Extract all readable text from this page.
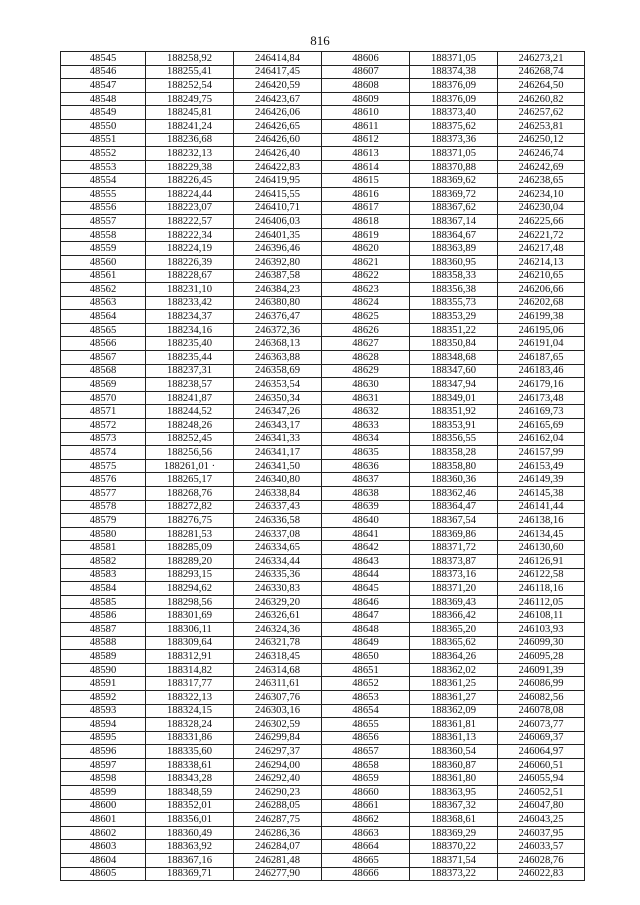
816
48545	188258,92	246414,84	48606	188371,05	246273,21
48546	188255,41	246417,45	48607	188374,38	246268,74
48547	188252,54	246420,59	48608	188376,09	246264,50
48548	188249,75	246423,67	48609	188376,09	246260,82
48549	188245,81	246426,06	48610	188373,40	246257,62
48550	188241,24	246426,65	48611	188375,62	246253,81
48551	188236,68	246426,60	48612	188373,36	246250,12
48552	188232,13	246426,40	48613	188371,05	246246,74
48553	188229,38	246422,83	48614	188370,88	246242,69
48554	188226,45	246419,95	48615	188369,62	246238,65
48555	188224,44	246415,55	48616	188369,72	246234,10
48556	188223,07	246410,71	48617	188367,62	246230,04
48557	188222,57	246406,03	48618	188367,14	246225,66
48558	188222,34	246401,35	48619	188364,67	246221,72
48559	188224,19	246396,46	48620	188363,89	246217,48
48560	188226,39	246392,80	48621	188360,95	246214,13
48561	188228,67	246387,58	48622	188358,33	246210,65
48562	188231,10	246384,23	48623	188356,38	246206,66
48563	188233,42	246380,80	48624	188355,73	246202,68
48564	188234,37	246376,47	48625	188353,29	246199,38
48565	188234,16	246372,36	48626	188351,22	246195,06
48566	188235,40	246368,13	48627	188350,84	246191,04
48567	188235,44	246363,88	48628	188348,68	246187,65
48568	188237,31	246358,69	48629	188347,60	246183,46
48569	188238,57	246353,54	48630	188347,94	246179,16
48570	188241,87	246350,34	48631	188349,01	246173,48
48571	188244,52	246347,26	48632	188351,92	246169,73
48572	188248,26	246343,17	48633	188353,91	246165,69
48573	188252,45	246341,33	48634	188356,55	246162,04
48574	188256,56	246341,17	48635	188358,28	246157,99
48575	188261,01 ·	246341,50	48636	188358,80	246153,49
48576	188265,17	246340,80	48637	188360,36	246149,39
48577	188268,76	246338,84	48638	188362,46	246145,38
48578	188272,82	246337,43	48639	188364,47	246141,44
48579	188276,75	246336,58	48640	188367,54	246138,16
48580	188281,53	246337,08	48641	188369,86	246134,45
48581	188285,09	246334,65	48642	188371,72	246130,60
48582	188289,20	246334,44	48643	188373,87	246126,91
48583	188293,15	246335,36	48644	188373,16	246122,58
48584	188294,62	246330,83	48645	188371,20	246118,16
48585	188298,56	246329,20	48646	188369,43	246112,05
48586	188301,69	246326,61	48647	188366,42	246108,11
48587	188306,11	246324,36	48648	188365,20	246103,93
48588	188309,64	246321,78	48649	188365,62	246099,30
48589	188312,91	246318,45	48650	188364,26	246095,28
48590	188314,82	246314,68	48651	188362,02	246091,39
48591	188317,77	246311,61	48652	188361,25	246086,99
48592	188322,13	246307,76	48653	188361,27	246082,56
48593	188324,15	246303,16	48654	188362,09	246078,08
48594	188328,24	246302,59	48655	188361,81	246073,77
48595	188331,86	246299,84	48656	188361,13	246069,37
48596	188335,60	246297,37	48657	188360,54	246064,97
48597	188338,61	246294,00	48658	188360,87	246060,51
48598	188343,28	246292,40	48659	188361,80	246055,94
48599	188348,59	246290,23	48660	188363,95	246052,51
48600	188352,01	246288,05	48661	188367,32	246047,80
48601	188356,01	246287,75	48662	188368,61	246043,25
48602	188360,49	246286,36	48663	188369,29	246037,95
48603	188363,92	246284,07	48664	188370,22	246033,57
48604	188367,16	246281,48	48665	188371,54	246028,76
48605	188369,71	246277,90	48666	188373,22	246022,83
